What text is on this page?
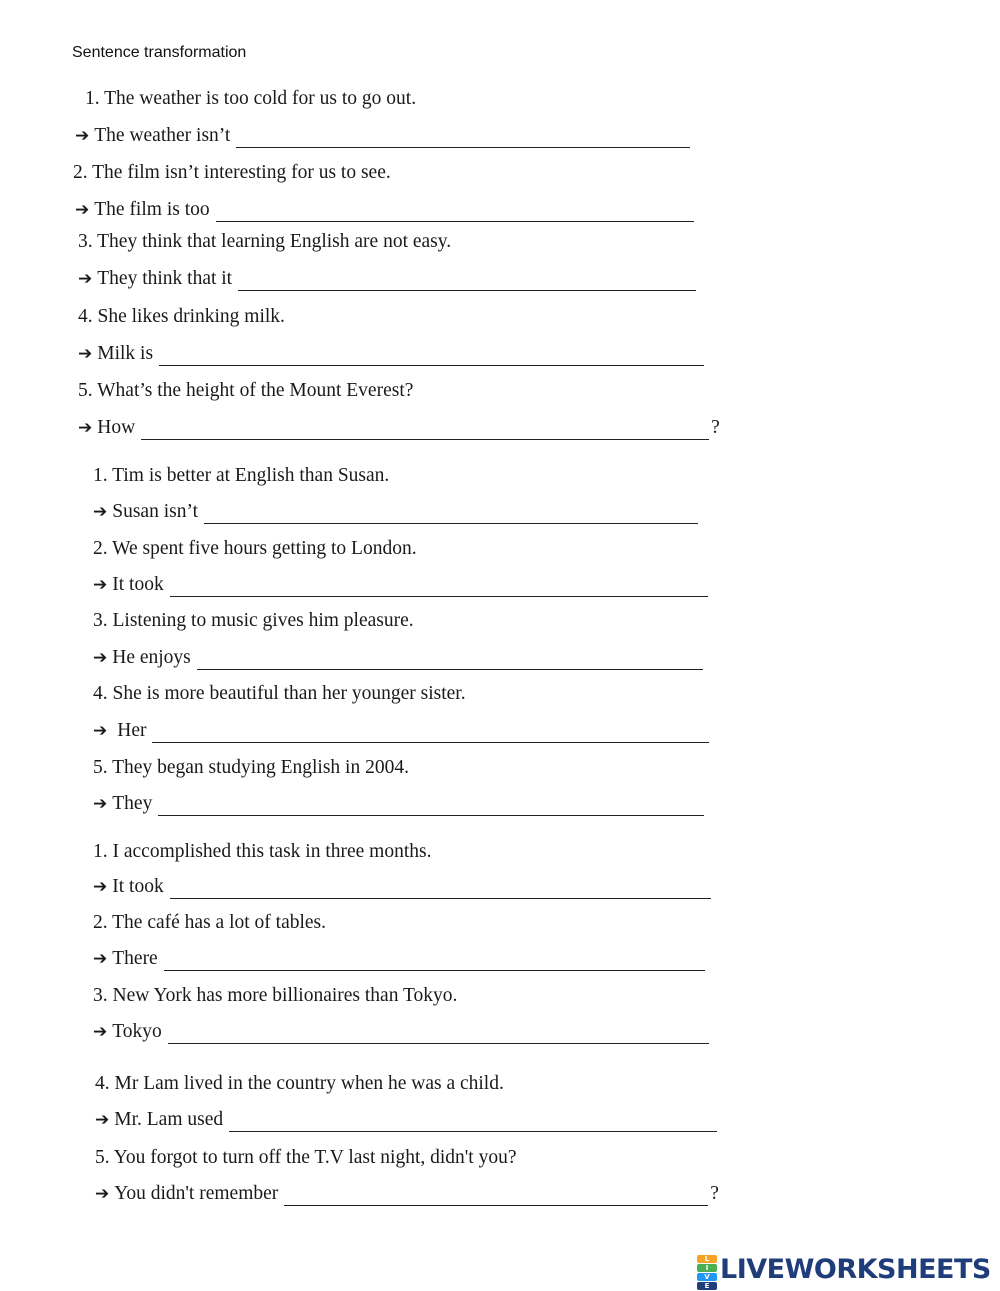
Sentence transformation
1. The weather is too cold for us to go out.
➔ The weather isn’t
2. The film isn’t interesting for us to see.
➔ The film is too
3. They think that learning English are not easy.
➔ They think that it
4. She likes drinking milk.
➔ Milk is
5. What’s the height of the Mount Everest?
➔ How	?
1. Tim is better at English than Susan.
➔ Susan isn’t
2. We spent five hours getting to London.
➔ It took
3. Listening to music gives him pleasure.
➔ He enjoys
4. She is more beautiful than her younger sister.
➔ Her
5. They began studying English in 2004.
➔ They
1. I accomplished this task in three months.
➔ It took
2. The café has a lot of tables.
➔ There
3. New York has more billionaires than Tokyo.
➔ Tokyo
4. Mr Lam lived in the country when he was a child.
➔ Mr. Lam used
5. You forgot to turn off the T.V last night, didn't you?
➔ You didn't remember	?
L
I
V
E
LIVEWORKSHEETS
